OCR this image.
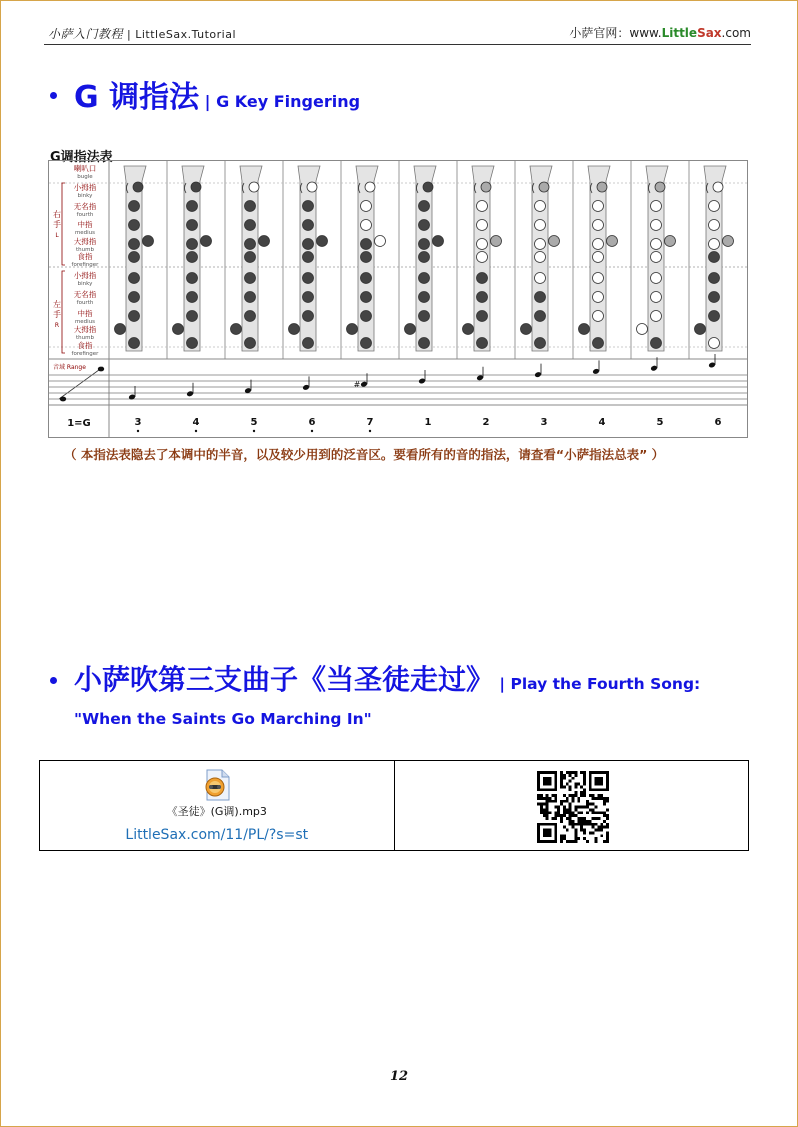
小萨入门教程 | LittleSax.Tutorial	小萨官网：www.LittleSax.com
G 调指法 | G Key Fingering
G调指法表
喇叭口
bugle
小拇指
binky
无名指
fourth
中指
medius
大拇指
thumb
食指
forefinger
小拇指
binky
无名指
fourth
中指
medius
大拇指
thumb
食指
forefinger
右
手
L
左
手
R
音域 Range
#
1=G	3	4	5	6	7	1	2	3	4	5	6
（ 本指法表隐去了本调中的半音，以及较少用到的泛音区。要看所有的音的指法，请查看“小萨指法总表” ）
小萨吹第三支曲子《当圣徒走过》 | Play the Fourth Song:
"When the Saints Go Marching In"
《圣徒》(G调).mp3
LittleSax.com/11/PL/?s=st
12
